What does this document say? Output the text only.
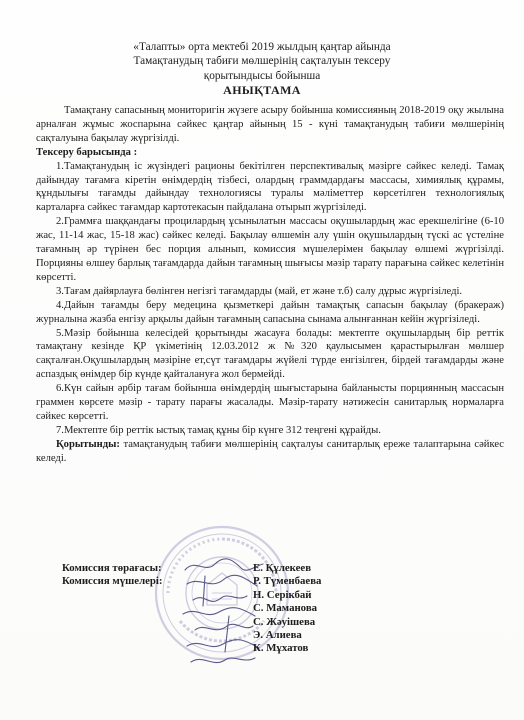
«Талапты» орта мектебі 2019 жылдың қаңтар айында
Тамақтанудың табиғи мөлшерінің сақталуын тексеру
қорытындысы бойынша
АНЫҚТАМА

Тамақтану сапасының мониторигін жүзеге асыру бойынша комиссияның 2018-2019 оқу жылына арналған жұмыс жоспарына сәйкес қаңтар айының 15 - күні тамақтанудың табиғи мөлшерінің сақталуына бақылау жүргізілді.

Тексеру барысында :

1.Тамақтанудың іс жүзіндегі рационы бекітілген перспективалық мәзірге сәйкес келеді. Тамақ дайындау тағамға кіретін өнімдердің тізбесі, олардың граммдардағы массасы, химиялық құрамы, құндылығы тағамды дайындау технологиясы туралы мәліметтер көрсетілген технологиялық карталарға сәйкес тағамдар картотекасын пайдалана отырып жүргізіледі.

2.Граммға шаққандағы процилардың ұсынылатын массасы оқушылардың жас ерекшелігіне (6-10 жас, 11-14 жас, 15-18 жас) сәйкес келеді. Бақылау өлшемін алу үшін оқушылардың түскі ас үстеліне тағамның әр түрінен бес порция алынып, комиссия мүшелерімен бақылау өлшемі жүргізілді. Порцияны өлшеу барлық тағамдарда дайын тағамның шығысы мәзір тарату парағына сәйкес келетінін көрсетті.

3.Тағам дайярлауға бөлінген негізгі тағамдарды (май, ет және т.б) салу дұрыс жүргізіледі.

4.Дайын тағамды беру медецина қызметкері дайын тамақтық сапасын бақылау (бракераж) журналына жазба енгізу арқылы дайын тағамның сапасына сынама алынғаннан кейін жүргізіледі.

5.Мәзір бойынша келесідей қорытынды жасауға болады: мектепте оқушылардың бір реттік тамақтану кезінде ҚР үкіметінің 12.03.2012 ж №320 қаулысымен қарастырылған мөлшер сақталған.Оқушылардың мәзіріне ет,сүт тағамдары жүйелі түрде енгізілген, бірдей тағамдарды және аспаздық өнімдер бір күнде қайталануға жол бермейді.

6.Күн сайын әрбір тағам бойынша өнімдердің шығыстарына байланысты порциянның массасын граммен көрсете мәзір - тарату парағы жасалады. Мәзір-тарату нәтижесін санитарлық нормаларға сәйкес көрсетті.

7.Мектепте бір реттік ыстық тамақ құны бір күнге 312 теңгені құрайды.

Қорытынды: тамақтанудың табиғи мөлшерінің сақталуы санитарлық ереже талаптарына сәйкес келеді.

Комиссия төрағасы:	Е. Құлекеев
Комиссия мүшелері:	Р. Түменбаева
Н. Серікбай
С. Маманова
С. Жәуішева
Э. Алиева
К. Мұхатов
